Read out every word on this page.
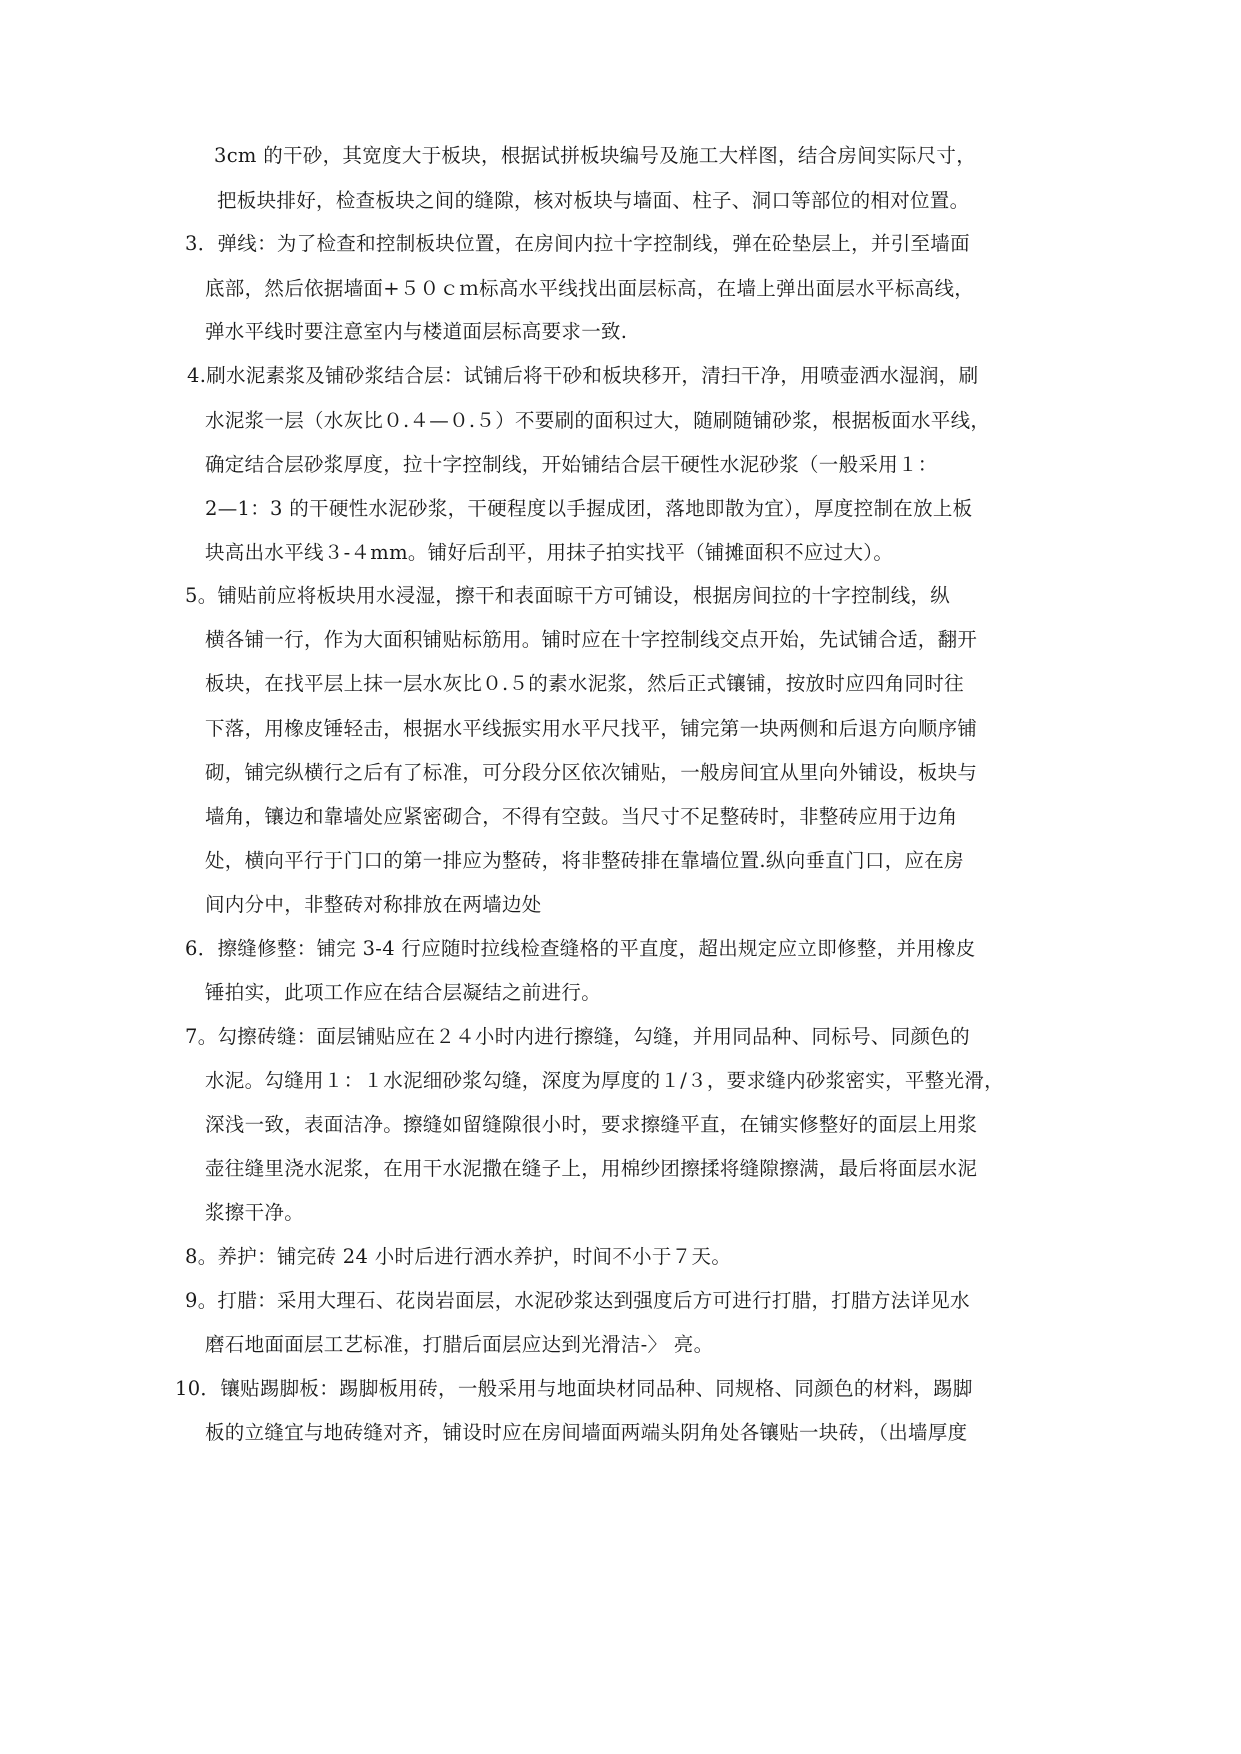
3cm 的干砂，其宽度大于板块，根据试拼板块编号及施工大样图，结合房间实际尺寸，
把板块排好，检查板块之间的缝隙，核对板块与墙面、柱子、洞口等部位的相对位置。
3．弹线：为了检查和控制板块位置，在房间内拉十字控制线，弹在砼垫层上，并引至墙面
底部，然后依据墙面+５０ｃｍ标高水平线找出面层标高，在墙上弹出面层水平标高线，
弹水平线时要注意室内与楼道面层标高要求一致.
4.刷水泥素浆及铺砂浆结合层：试铺后将干砂和板块移开，清扫干净，用喷壶洒水湿润，刷
水泥浆一层（水灰比０.４—０.５）不要刷的面积过大，随刷随铺砂浆，根据板面水平线，
确定结合层砂浆厚度，拉十字控制线，开始铺结合层干硬性水泥砂浆（一般采用１：
2—1：3 的干硬性水泥砂浆，干硬程度以手握成团，落地即散为宜），厚度控制在放上板
块高出水平线３-４mm。铺好后刮平，用抹子拍实找平（铺摊面积不应过大）。
5。铺贴前应将板块用水浸湿，擦干和表面晾干方可铺设，根据房间拉的十字控制线，纵
横各铺一行，作为大面积铺贴标筋用。铺时应在十字控制线交点开始，先试铺合适，翻开
板块，在找平层上抹一层水灰比０.５的素水泥浆，然后正式镶铺，按放时应四角同时往
下落，用橡皮锤轻击，根据水平线振实用水平尺找平，铺完第一块两侧和后退方向顺序铺
砌，铺完纵横行之后有了标准，可分段分区依次铺贴，一般房间宜从里向外铺设，板块与
墙角，镶边和靠墙处应紧密砌合，不得有空鼓。当尺寸不足整砖时，非整砖应用于边角
处，横向平行于门口的第一排应为整砖，将非整砖排在靠墙位置.纵向垂直门口，应在房
间内分中，非整砖对称排放在两墙边处
6．擦缝修整：铺完 3-4 行应随时拉线检查缝格的平直度，超出规定应立即修整，并用橡皮
锤拍实，此项工作应在结合层凝结之前进行。
7。勾擦砖缝：面层铺贴应在２４小时内进行擦缝，勾缝，并用同品种、同标号、同颜色的
水泥。勾缝用１：１水泥细砂浆勾缝，深度为厚度的１/３，要求缝内砂浆密实，平整光滑，
深浅一致，表面洁净。擦缝如留缝隙很小时，要求擦缝平直，在铺实修整好的面层上用浆
壶往缝里浇水泥浆，在用干水泥撒在缝子上，用棉纱团擦揉将缝隙擦满，最后将面层水泥
浆擦干净。
8。养护：铺完砖 24 小时后进行洒水养护，时间不小于７天。
9。打腊：采用大理石、花岗岩面层，水泥砂浆达到强度后方可进行打腊，打腊方法详见水
磨石地面面层工艺标准，打腊后面层应达到光滑洁-〉 亮。
10．镶贴踢脚板：踢脚板用砖，一般采用与地面块材同品种、同规格、同颜色的材料，踢脚
板的立缝宜与地砖缝对齐，铺设时应在房间墙面两端头阴角处各镶贴一块砖，（出墙厚度
